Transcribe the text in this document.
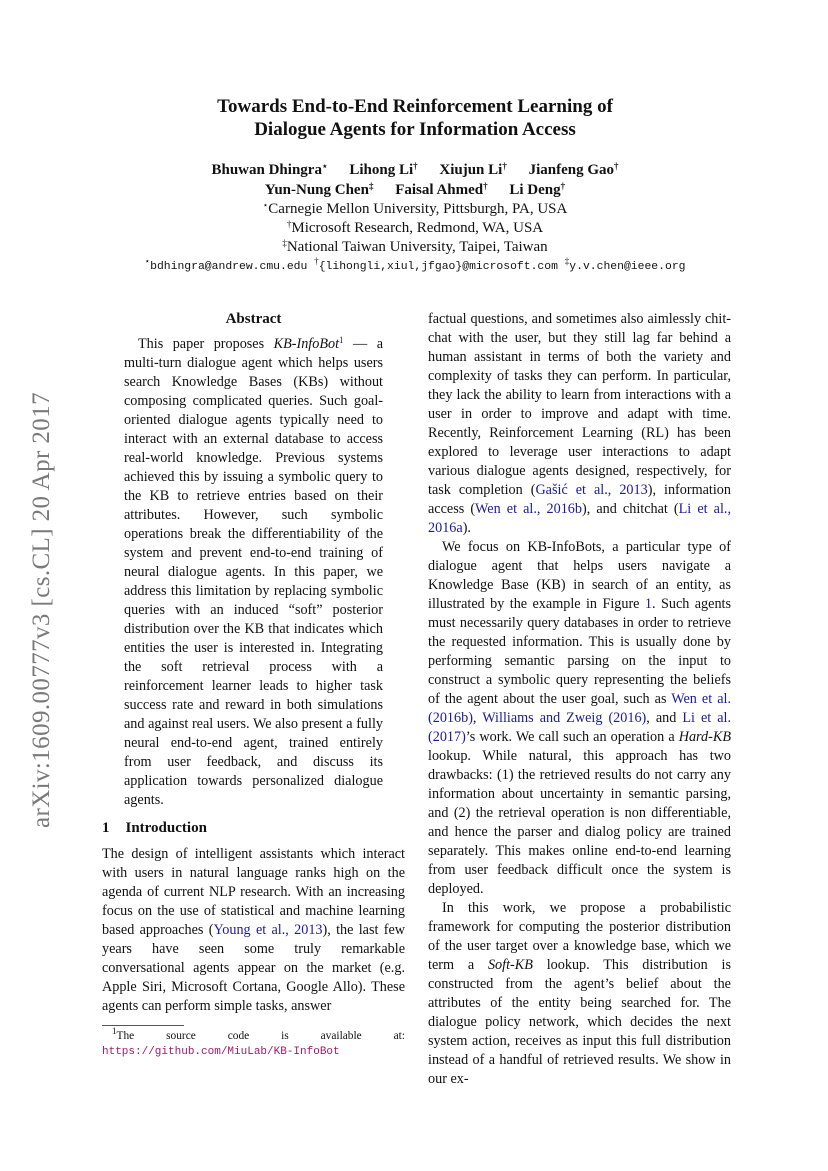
arXiv:1609.00777v3 [cs.CL] 20 Apr 2017
Towards End-to-End Reinforcement Learning of
Dialogue Agents for Information Access
Bhuwan Dhingra⋆ Lihong Li† Xiujun Li† Jianfeng Gao†
Yun-Nung Chen‡ Faisal Ahmed† Li Deng†
⋆Carnegie Mellon University, Pittsburgh, PA, USA
†Microsoft Research, Redmond, WA, USA
‡National Taiwan University, Taipei, Taiwan
⋆bdhingra@andrew.cmu.edu †{lihongli,xiul,jfgao}@microsoft.com ‡y.v.chen@ieee.org
Abstract

This paper proposes KB-InfoBot$^1$ — a multi-turn dialogue agent which helps users search Knowledge Bases (KBs) without composing complicated queries. Such goal-oriented dialogue agents typically need to interact with an external database to access real-world knowledge. Previous systems achieved this by issuing a symbolic query to the KB to retrieve entries based on their attributes. However, such symbolic operations break the differentiability of the system and prevent end-to-end training of neural dialogue agents. In this paper, we address this limitation by replacing symbolic queries with an induced “soft” posterior distribution over the KB that indicates which entities the user is interested in. Integrating the soft retrieval process with a reinforcement learner leads to higher task success rate and reward in both simulations and against real users. We also present a fully neural end-to-end agent, trained entirely from user feedback, and discuss its application towards personalized dialogue agents.

1 Introduction

The design of intelligent assistants which interact with users in natural language ranks high on the agenda of current NLP research. With an increasing focus on the use of statistical and machine learning based approaches (Young et al., 2013), the last few years have seen some truly remarkable conversational agents appear on the market (e.g. Apple Siri, Microsoft Cortana, Google Allo). These agents can perform simple tasks, answer

$^1$The source code is available at: https://github.com/MiuLab/KB-InfoBot

factual questions, and sometimes also aimlessly chit-chat with the user, but they still lag far behind a human assistant in terms of both the variety and complexity of tasks they can perform. In particular, they lack the ability to learn from interactions with a user in order to improve and adapt with time. Recently, Reinforcement Learning (RL) has been explored to leverage user interactions to adapt various dialogue agents designed, respectively, for task completion (Gašić et al., 2013), information access (Wen et al., 2016b), and chitchat (Li et al., 2016a).

We focus on KB-InfoBots, a particular type of dialogue agent that helps users navigate a Knowledge Base (KB) in search of an entity, as illustrated by the example in Figure 1. Such agents must necessarily query databases in order to retrieve the requested information. This is usually done by performing semantic parsing on the input to construct a symbolic query representing the beliefs of the agent about the user goal, such as Wen et al. (2016b), Williams and Zweig (2016), and Li et al. (2017)’s work. We call such an operation a Hard-KB lookup. While natural, this approach has two drawbacks: (1) the retrieved results do not carry any information about uncertainty in semantic parsing, and (2) the retrieval operation is non differentiable, and hence the parser and dialog policy are trained separately. This makes online end-to-end learning from user feedback difficult once the system is deployed.

In this work, we propose a probabilistic framework for computing the posterior distribution of the user target over a knowledge base, which we term a Soft-KB lookup. This distribution is constructed from the agent’s belief about the attributes of the entity being searched for. The dialogue policy network, which decides the next system action, receives as input this full distribution instead of a handful of retrieved results. We show in our ex-
